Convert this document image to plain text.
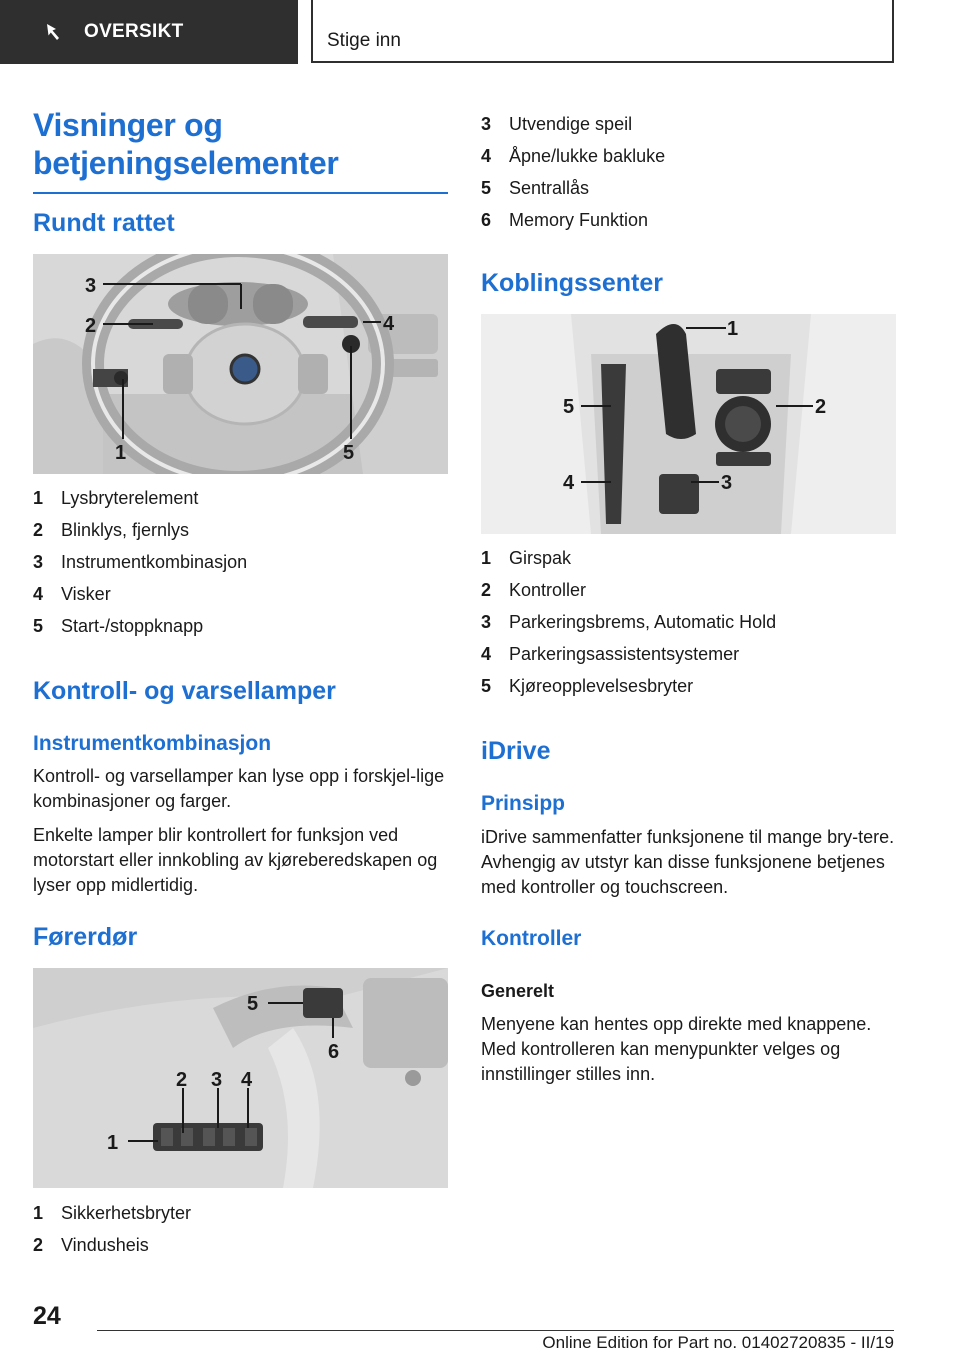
OVERSIKT	Stige inn
Visninger og
betjeningselementer
Rundt rattet
3
2	4
1	5
1 Lysbryterelement
2 Blinklys, fjernlys
3 Instrumentkombinasjon
4 Visker
5 Start-/stoppknapp
Kontroll- og varsellamper
Instrumentkombinasjon
Kontroll- og varsellamper kan lyse opp i forskjel-lige kombinasjoner og farger.
Enkelte lamper blir kontrollert for funksjon ved motorstart eller innkobling av kjøreberedskapen og lyser opp midlertidig.
Førerdør
5
6
2 3 4
1
1 Sikkerhetsbryter
2 Vindusheis
3 Utvendige speil
4 Åpne/lukke bakluke
5 Sentrallås
6 Memory Funktion
Koblingssenter
1
2
5
4	3
1 Girspak
2 Kontroller
3 Parkeringsbrems, Automatic Hold
4 Parkeringsassistentsystemer
5 Kjøreopplevelsesbryter
iDrive
Prinsipp
iDrive sammenfatter funksjonene til mange bry-tere. Avhengig av utstyr kan disse funksjonene betjenes med kontroller og touchscreen.
Kontroller
Generelt
Menyene kan hentes opp direkte med knappene. Med kontrolleren kan menypunkter velges og innstillinger stilles inn.
24
Online Edition for Part no. 01402720835 - II/19
